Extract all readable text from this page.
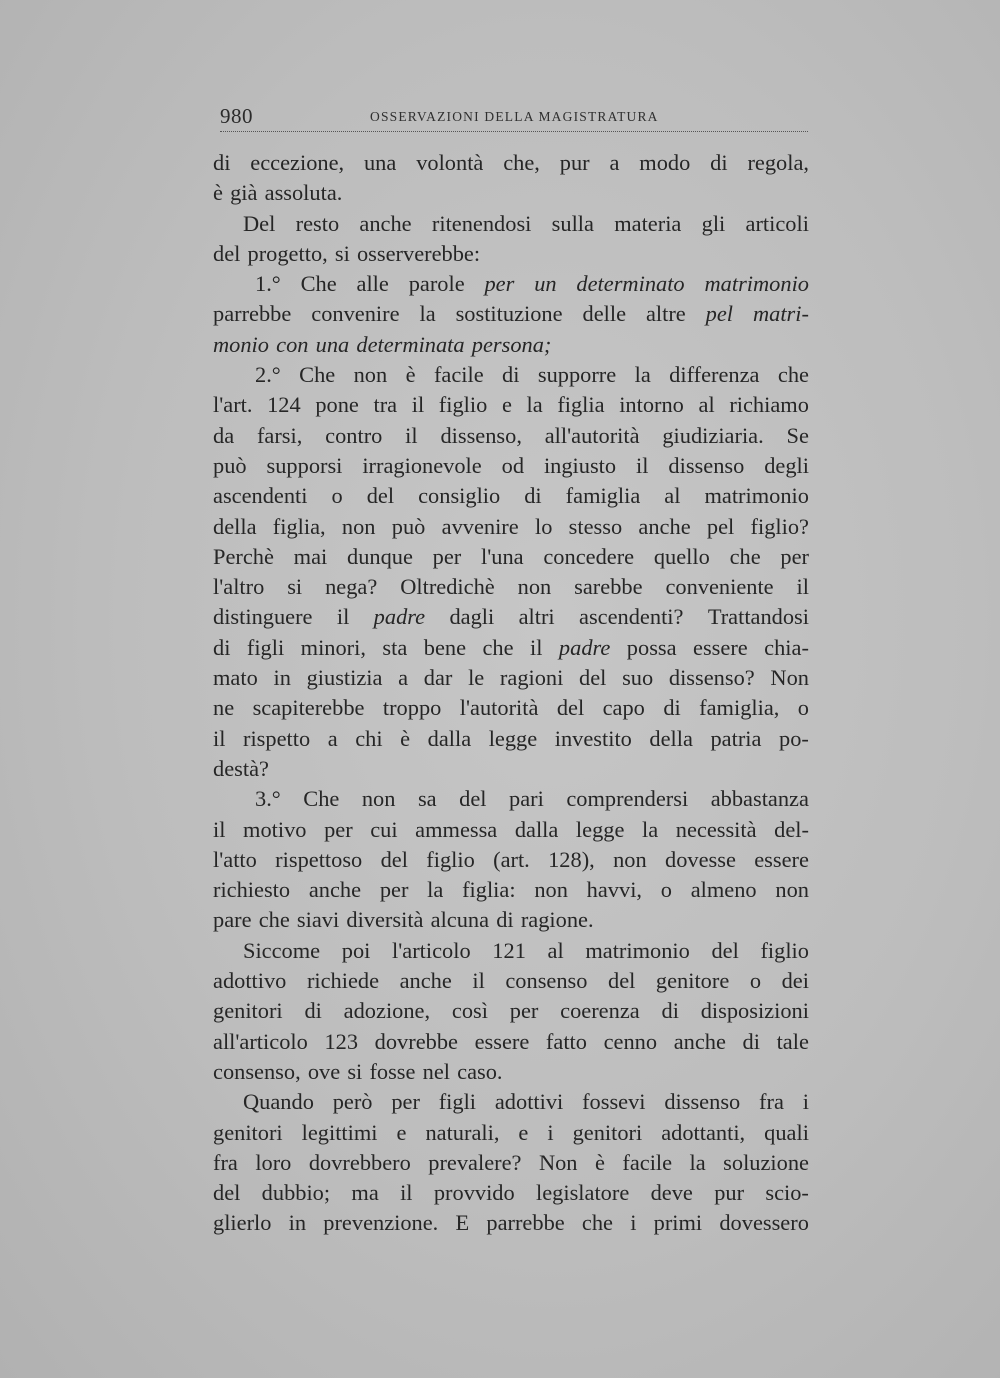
980	OSSERVAZIONI DELLA MAGISTRATURA
di eccezione, una volontà che, pur a modo di regola,
è già assoluta.
Del resto anche ritenendosi sulla materia gli articoli
del progetto, si osserverebbe:
1.° Che alle parole per un determinato matrimonio
parrebbe convenire la sostituzione delle altre pel matri-
monio con una determinata persona;
2.° Che non è facile di supporre la differenza che
l'art. 124 pone tra il figlio e la figlia intorno al richiamo
da farsi, contro il dissenso, all'autorità giudiziaria. Se
può supporsi irragionevole od ingiusto il dissenso degli
ascendenti o del consiglio di famiglia al matrimonio
della figlia, non può avvenire lo stesso anche pel figlio?
Perchè mai dunque per l'una concedere quello che per
l'altro si nega? Oltredichè non sarebbe conveniente il
distinguere il padre dagli altri ascendenti? Trattandosi
di figli minori, sta bene che il padre possa essere chia-
mato in giustizia a dar le ragioni del suo dissenso? Non
ne scapiterebbe troppo l'autorità del capo di famiglia, o
il rispetto a chi è dalla legge investito della patria po-
destà?
3.° Che non sa del pari comprendersi abbastanza
il motivo per cui ammessa dalla legge la necessità del-
l'atto rispettoso del figlio (art. 128), non dovesse essere
richiesto anche per la figlia: non havvi, o almeno non
pare che siavi diversità alcuna di ragione.
Siccome poi l'articolo 121 al matrimonio del figlio
adottivo richiede anche il consenso del genitore o dei
genitori di adozione, così per coerenza di disposizioni
all'articolo 123 dovrebbe essere fatto cenno anche di tale
consenso, ove si fosse nel caso.
Quando però per figli adottivi fossevi dissenso fra i
genitori legittimi e naturali, e i genitori adottanti, quali
fra loro dovrebbero prevalere? Non è facile la soluzione
del dubbio; ma il provvido legislatore deve pur scio-
glierlo in prevenzione. E parrebbe che i primi dovessero
